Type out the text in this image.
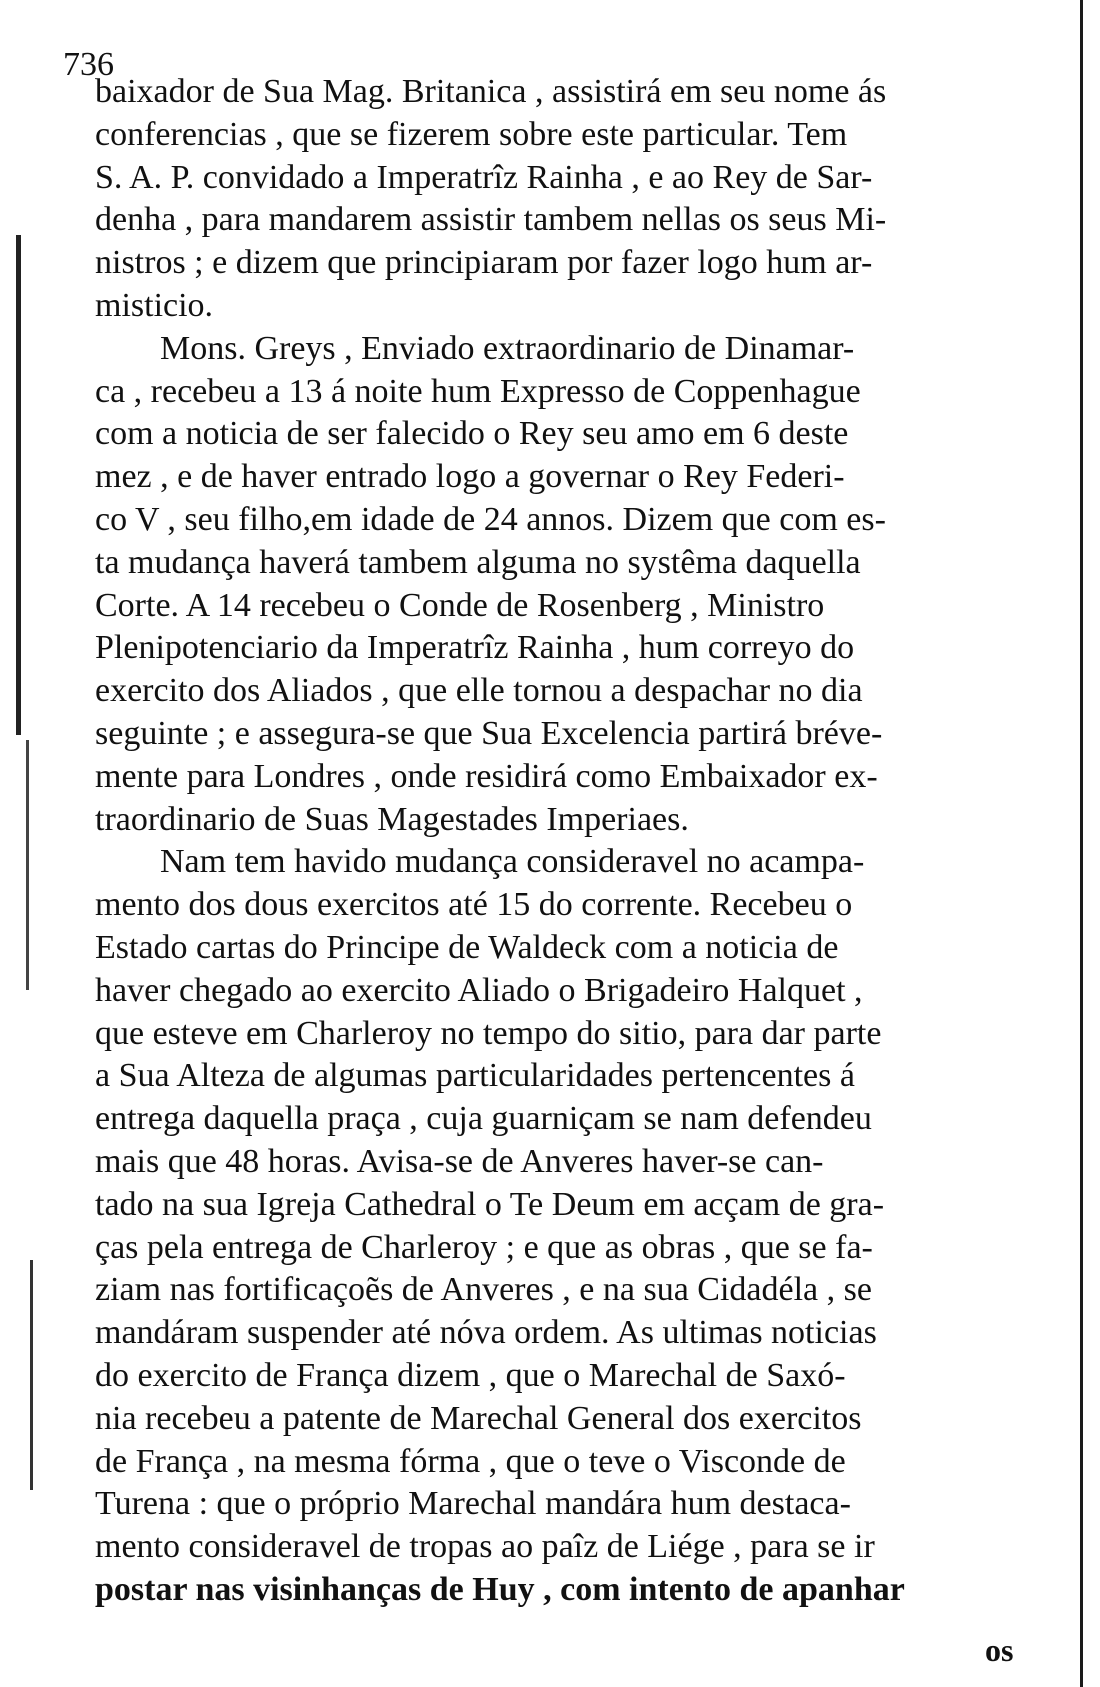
736
baixador de Sua Mag. Britanica , assistirá em seu nome ás
conferencias , que se fizerem sobre este particular. Tem
S. A. P. convidado a Imperatrîz Rainha , e ao Rey de Sar-
denha , para mandarem assistir tambem nellas os seus Mi-
nistros ; e dizem que principiaram por fazer logo hum ar-
misticio.
Mons. Greys , Enviado extraordinario de Dinamar-
ca , recebeu a 13 á noite hum Expresso de Coppenhague
com a noticia de ser falecido o Rey seu amo em 6 deste
mez , e de haver entrado logo a governar o Rey Federi-
co V , seu filho,em idade de 24 annos. Dizem que com es-
ta mudança haverá tambem alguma no systêma daquella
Corte. A 14 recebeu o Conde de Rosenberg , Ministro
Plenipotenciario da Imperatrîz Rainha , hum correyo do
exercito dos Aliados , que elle tornou a despachar no dia
seguinte ; e assegura-se que Sua Excelencia partirá bréve-
mente para Londres , onde residirá como Embaixador ex-
traordinario de Suas Magestades Imperiaes.
Nam tem havido mudança consideravel no acampa-
mento dos dous exercitos até 15 do corrente. Recebeu o
Estado cartas do Principe de Waldeck com a noticia de
haver chegado ao exercito Aliado o Brigadeiro Halquet ,
que esteve em Charleroy no tempo do sitio, para dar parte
a Sua Alteza de algumas particularidades pertencentes á
entrega daquella praça , cuja guarniçam se nam defendeu
mais que 48 horas. Avisa-se de Anveres haver-se can-
tado na sua Igreja Cathedral o Te Deum em acçam de gra-
ças pela entrega de Charleroy ; e que as obras , que se fa-
ziam nas fortificaçoẽs de Anveres , e na sua Cidadéla , se
mandáram suspender até nóva ordem. As ultimas noticias
do exercito de França dizem , que o Marechal de Saxó-
nia recebeu a patente de Marechal General dos exercitos
de França , na mesma fórma , que o teve o Visconde de
Turena : que o próprio Marechal mandára hum destaca-
mento consideravel de tropas ao paîz de Liége , para se ir
postar nas visinhanças de Huy , com intento de apanhar
os
